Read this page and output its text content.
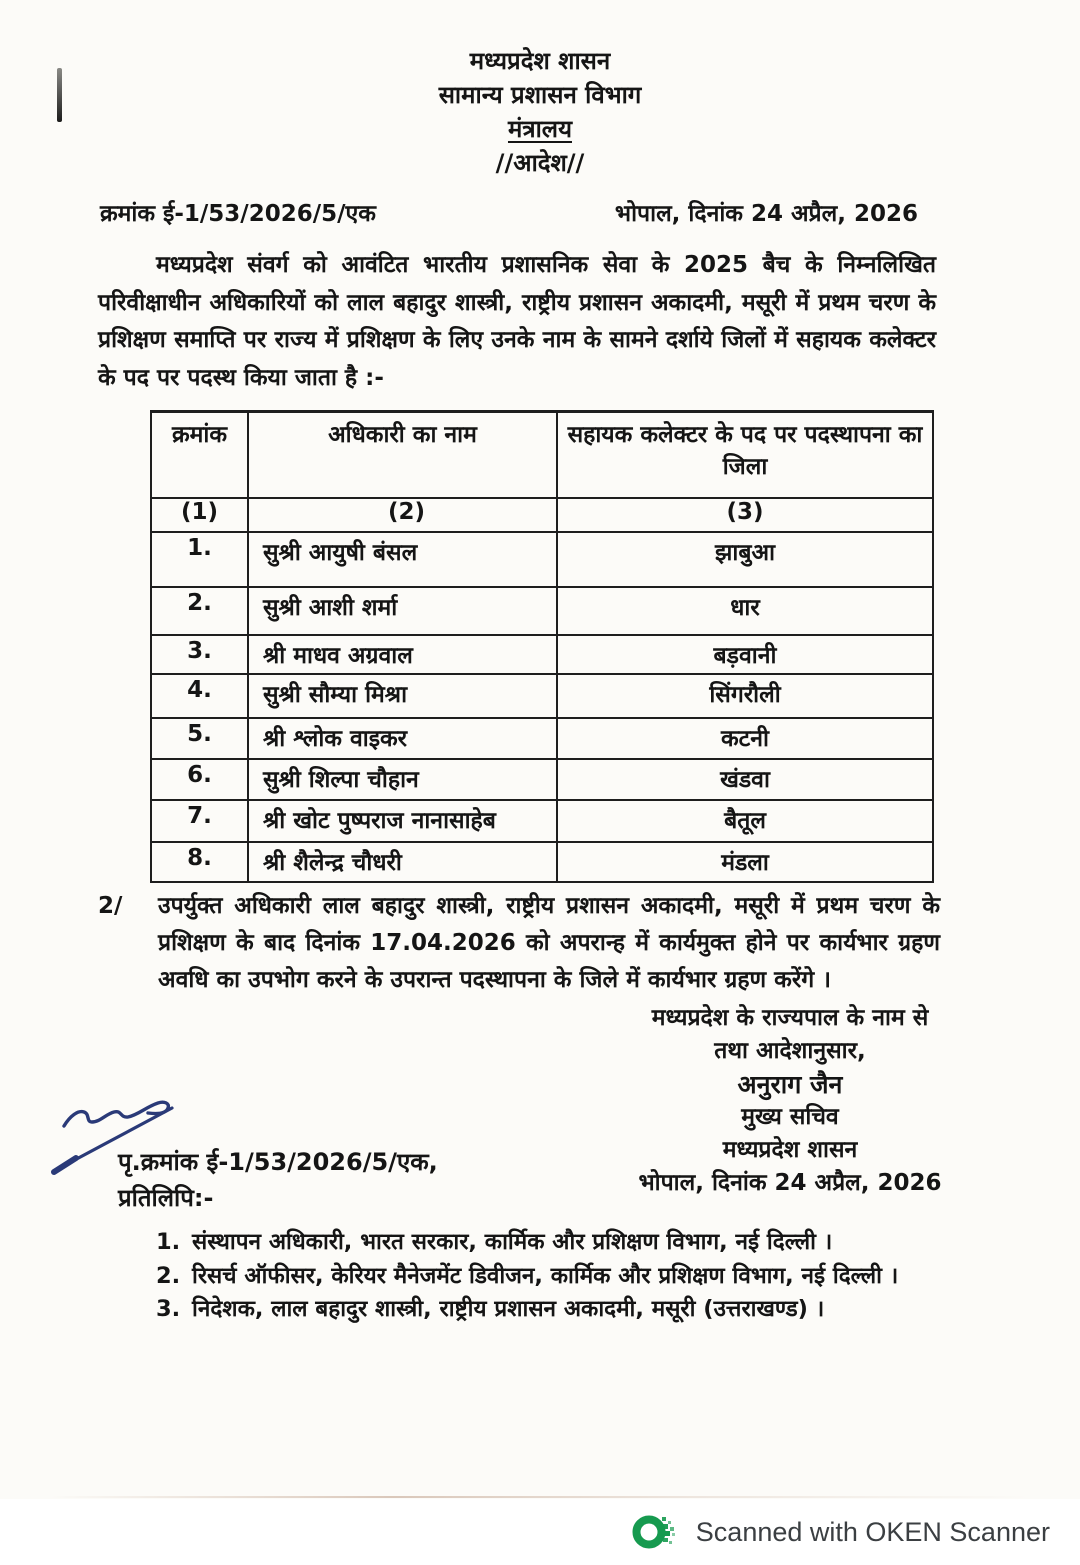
मध्यप्रदेश शासन
सामान्य प्रशासन विभाग
मंत्रालय
//आदेश//
क्रमांक ई-1/53/2026/5/एक	भोपाल, दिनांक 24 अप्रैल, 2026
मध्यप्रदेश संवर्ग को आवंटित भारतीय प्रशासनिक सेवा के 2025 बैच के निम्नलिखित परिवीक्षाधीन अधिकारियों को लाल बहादुर शास्त्री, राष्ट्रीय प्रशासन अकादमी, मसूरी में प्रथम चरण के प्रशिक्षण समाप्ति पर राज्य में प्रशिक्षण के लिए उनके नाम के सामने दर्शाये जिलों में सहायक कलेक्टर के पद पर पदस्थ किया जाता है :-
क्रमांक	अधिकारी का नाम	सहायक कलेक्टर के पद पर पदस्थापना का जिला
(1)	(2)	(3)
1.	सुश्री आयुषी बंसल	झाबुआ
2.	सुश्री आशी शर्मा	धार
3.	श्री माधव अग्रवाल	बड़वानी
4.	सुश्री सौम्या मिश्रा	सिंगरौली
5.	श्री श्लोक वाइकर	कटनी
6.	सुश्री शिल्पा चौहान	खंडवा
7.	श्री खोट पुष्पराज नानासाहेब	बैतूल
8.	श्री शैलेन्द्र चौधरी	मंडला
2/	उपर्युक्त अधिकारी लाल बहादुर शास्त्री, राष्ट्रीय प्रशासन अकादमी, मसूरी में प्रथम चरण के प्रशिक्षण के बाद दिनांक 17.04.2026 को अपरान्ह में कार्यमुक्त होने पर कार्यभार ग्रहण अवधि का उपभोग करने के उपरान्त पदस्थापना के जिले में कार्यभार ग्रहण करेंगे ।
मध्यप्रदेश के राज्यपाल के नाम से
तथा आदेशानुसार,
अनुराग जैन
मुख्य सचिव
मध्यप्रदेश शासन
भोपाल, दिनांक 24 अप्रैल, 2026
पृ.क्रमांक ई-1/53/2026/5/एक,
प्रतिलिपि:-
1. संस्थापन अधिकारी, भारत सरकार, कार्मिक और प्रशिक्षण विभाग, नई दिल्ली ।
2. रिसर्च ऑफीसर, केरियर मैनेजमेंट डिवीजन, कार्मिक और प्रशिक्षण विभाग, नई दिल्ली ।
3. निदेशक, लाल बहादुर शास्त्री, राष्ट्रीय प्रशासन अकादमी, मसूरी (उत्तराखण्ड) ।
Scanned with OKEN Scanner
